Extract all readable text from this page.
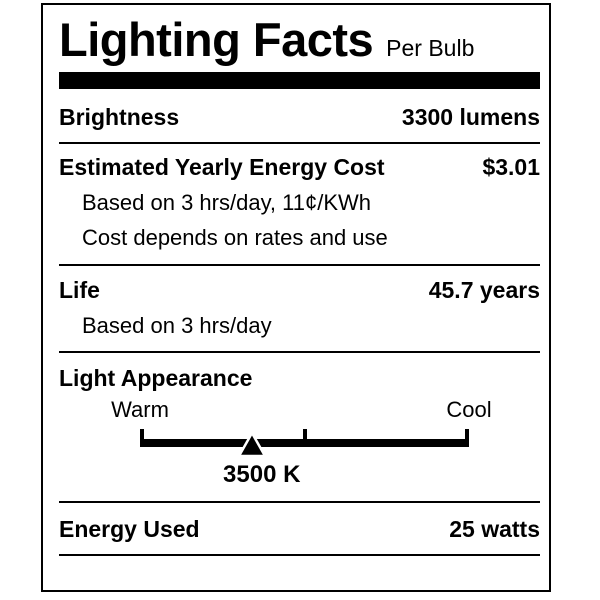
Lighting Facts Per Bulb
Brightness	3300 lumens
Estimated Yearly Energy Cost	$3.01
Based on 3 hrs/day, 11¢/KWh
Cost depends on rates and use
Life	45.7 years
Based on 3 hrs/day
Light Appearance
Warm	Cool
3500 K
Energy Used	25 watts
